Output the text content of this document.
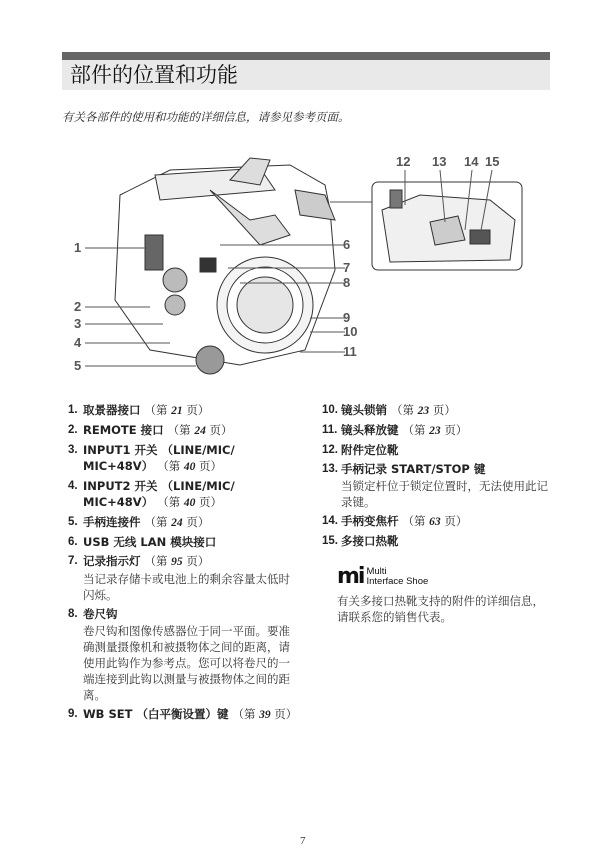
部件的位置和功能
有关各部件的使用和功能的详细信息，请参见参考页面。
1
2
3
4
5
6
7
8
9
10
11
12 13 14 15
1. 取景器接口 （第 21 页）
2. REMOTE 接口 （第 24 页）
3. INPUT1 开关 （LINE/MIC/ MIC+48V） （第 40 页）
4. INPUT2 开关 （LINE/MIC/ MIC+48V） （第 40 页）
5. 手柄连接件 （第 24 页）
6. USB 无线 LAN 模块接口
7. 记录指示灯 （第 95 页）
当记录存储卡或电池上的剩余容量太低时闪烁。
8. 卷尺钩
卷尺钩和图像传感器位于同一平面。要准确测量摄像机和被摄物体之间的距离，请使用此钩作为参考点。您可以将卷尺的一端连接到此钩以测量与被摄物体之间的距离。
9. WB SET （白平衡设置）键 （第 39 页）
10. 镜头锁销 （第 23 页）
11. 镜头释放键 （第 23 页）
12. 附件定位靴
13. 手柄记录 START/STOP 键
当锁定杆位于锁定位置时，无法使用此记录键。
14. 手柄变焦杆 （第 63 页）
15. 多接口热靴
mi Multi
Interface Shoe
有关多接口热靴支持的附件的详细信息，请联系您的销售代表。
7
